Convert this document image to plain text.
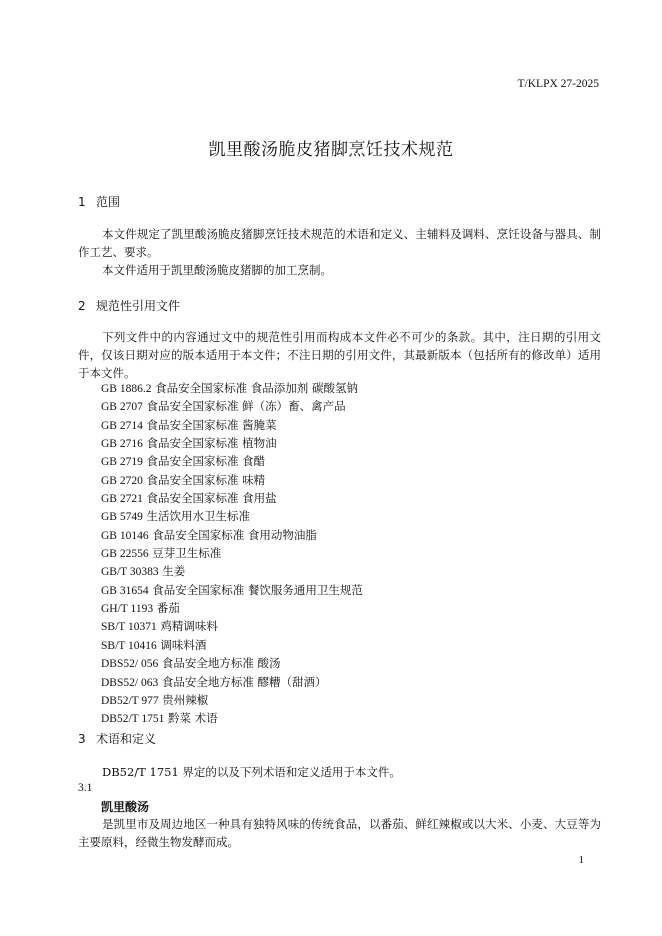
T/KLPX 27-2025
凯里酸汤脆皮猪脚烹饪技术规范
1 范围
本文件规定了凯里酸汤脆皮猪脚烹饪技术规范的术语和定义、主辅料及调料、烹饪设备与器具、制作工艺、要求。
本文件适用于凯里酸汤脆皮猪脚的加工烹制。
2 规范性引用文件
下列文件中的内容通过文中的规范性引用而构成本文件必不可少的条款。其中，注日期的引用文件，仅该日期对应的版本适用于本文件；不注日期的引用文件，其最新版本（包括所有的修改单）适用于本文件。
GB 1886.2 食品安全国家标准 食品添加剂 碳酸氢钠
GB 2707 食品安全国家标准 鲜（冻）畜、禽产品
GB 2714 食品安全国家标准 酱腌菜
GB 2716 食品安全国家标准 植物油
GB 2719 食品安全国家标准 食醋
GB 2720 食品安全国家标准 味精
GB 2721 食品安全国家标准 食用盐
GB 5749 生活饮用水卫生标准
GB 10146 食品安全国家标准 食用动物油脂
GB 22556 豆芽卫生标准
GB/T 30383 生姜
GB 31654 食品安全国家标准 餐饮服务通用卫生规范
GH/T 1193 番茄
SB/T 10371 鸡精调味料
SB/T 10416 调味料酒
DBS52/ 056 食品安全地方标准 酸汤
DBS52/ 063 食品安全地方标准 醪糟（甜酒）
DB52/T 977 贵州辣椒
DB52/T 1751 黔菜 术语
3 术语和定义
DB52/T 1751 界定的以及下列术语和定义适用于本文件。
3.1
凯里酸汤
是凯里市及周边地区一种具有独特风味的传统食品，以番茄、鲜红辣椒或以大米、小麦、大豆等为主要原料，经微生物发酵而成。
1
